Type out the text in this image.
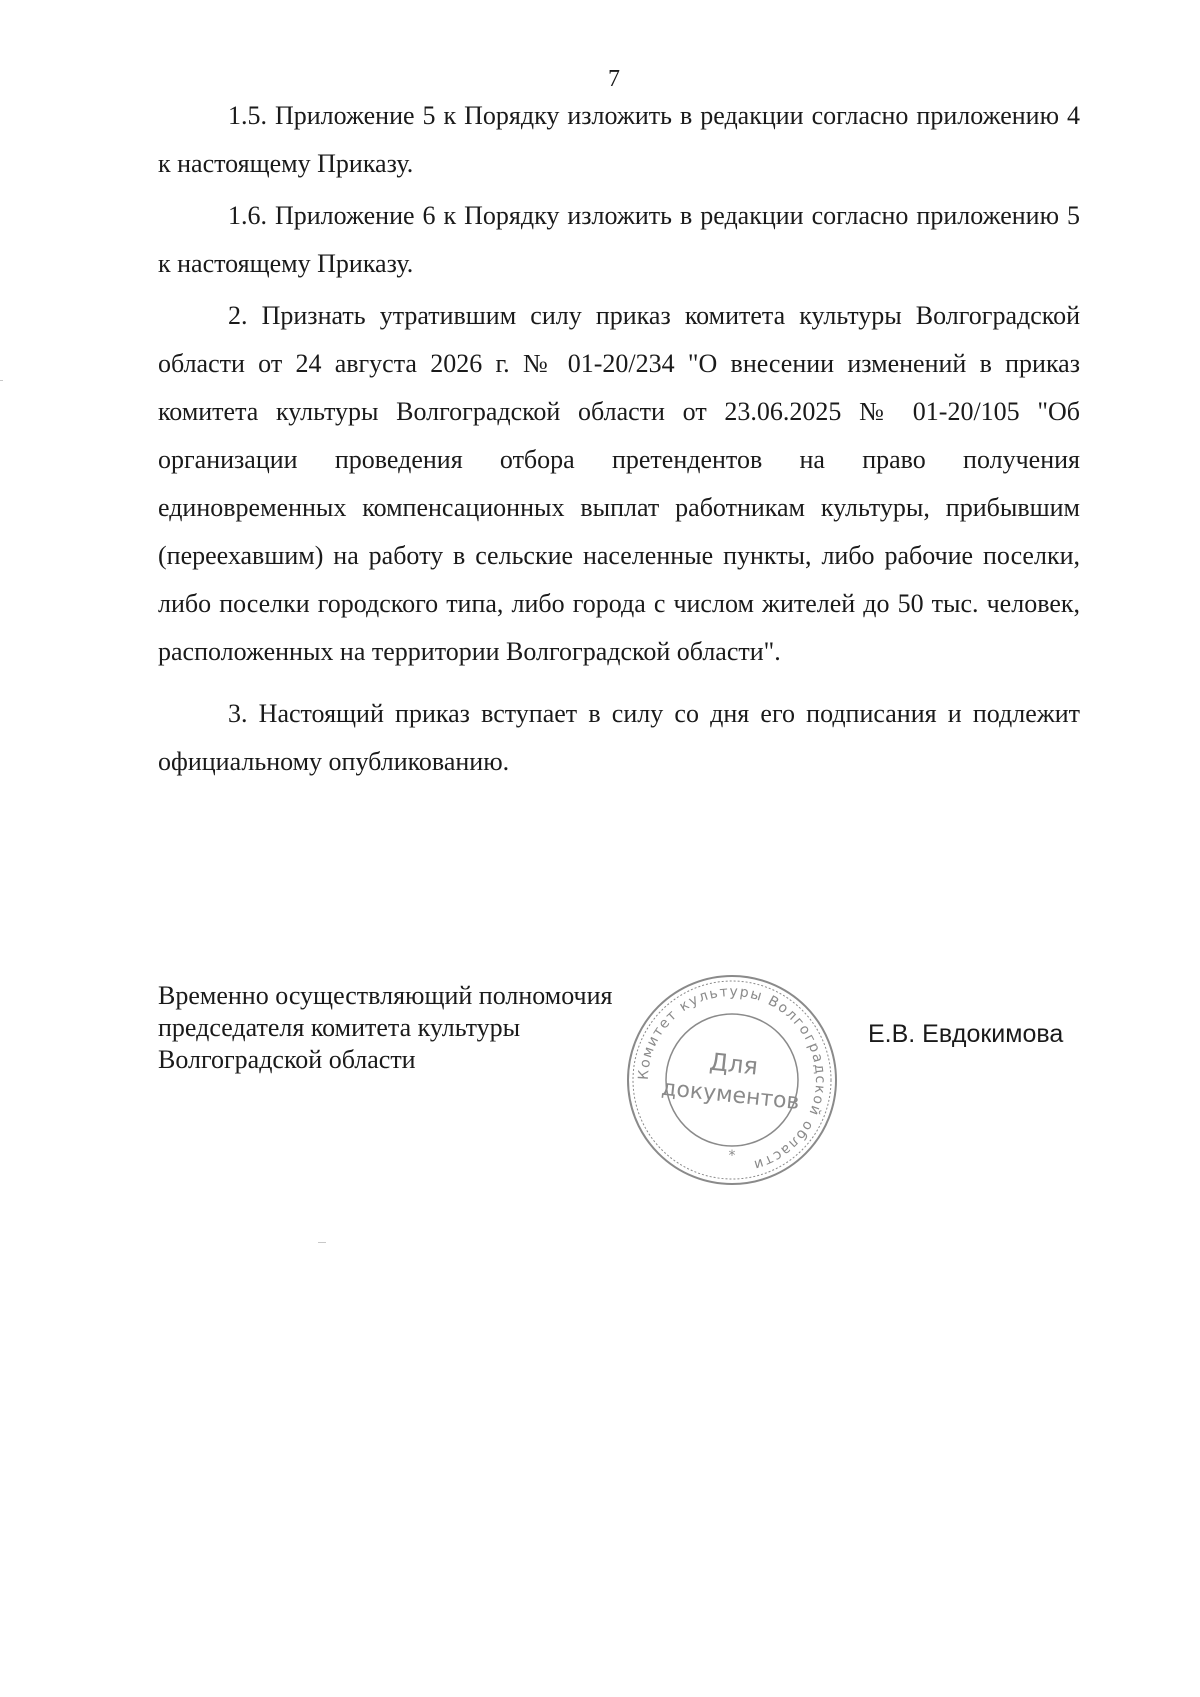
7

1.5. Приложение 5 к Порядку изложить в редакции согласно приложению 4 к настоящему Приказу.

1.6. Приложение 6 к Порядку изложить в редакции согласно приложению 5 к настоящему Приказу.

2. Признать утратившим силу приказ комитета культуры Волгоградской области от 24 августа 2026 г. № 01-20/234 "О внесении изменений в приказ комитета культуры Волгоградской области от 23.06.2025 № 01-20/105 "Об организации проведения отбора претендентов на право получения единовременных компенсационных выплат работникам культуры, прибывшим (переехавшим) на работу в сельские населенные пункты, либо рабочие поселки, либо поселки городского типа, либо города с числом жителей до 50 тыс. человек, расположенных на территории Волгоградской области".

3. Настоящий приказ вступает в силу со дня его подписания и подлежит официальному опубликованию.

Временно осуществляющий полномочия
председателя комитета культуры
Волгоградской области
Е.В. Евдокимова
Комитет культуры Волгоградской области
Для
документов
*
